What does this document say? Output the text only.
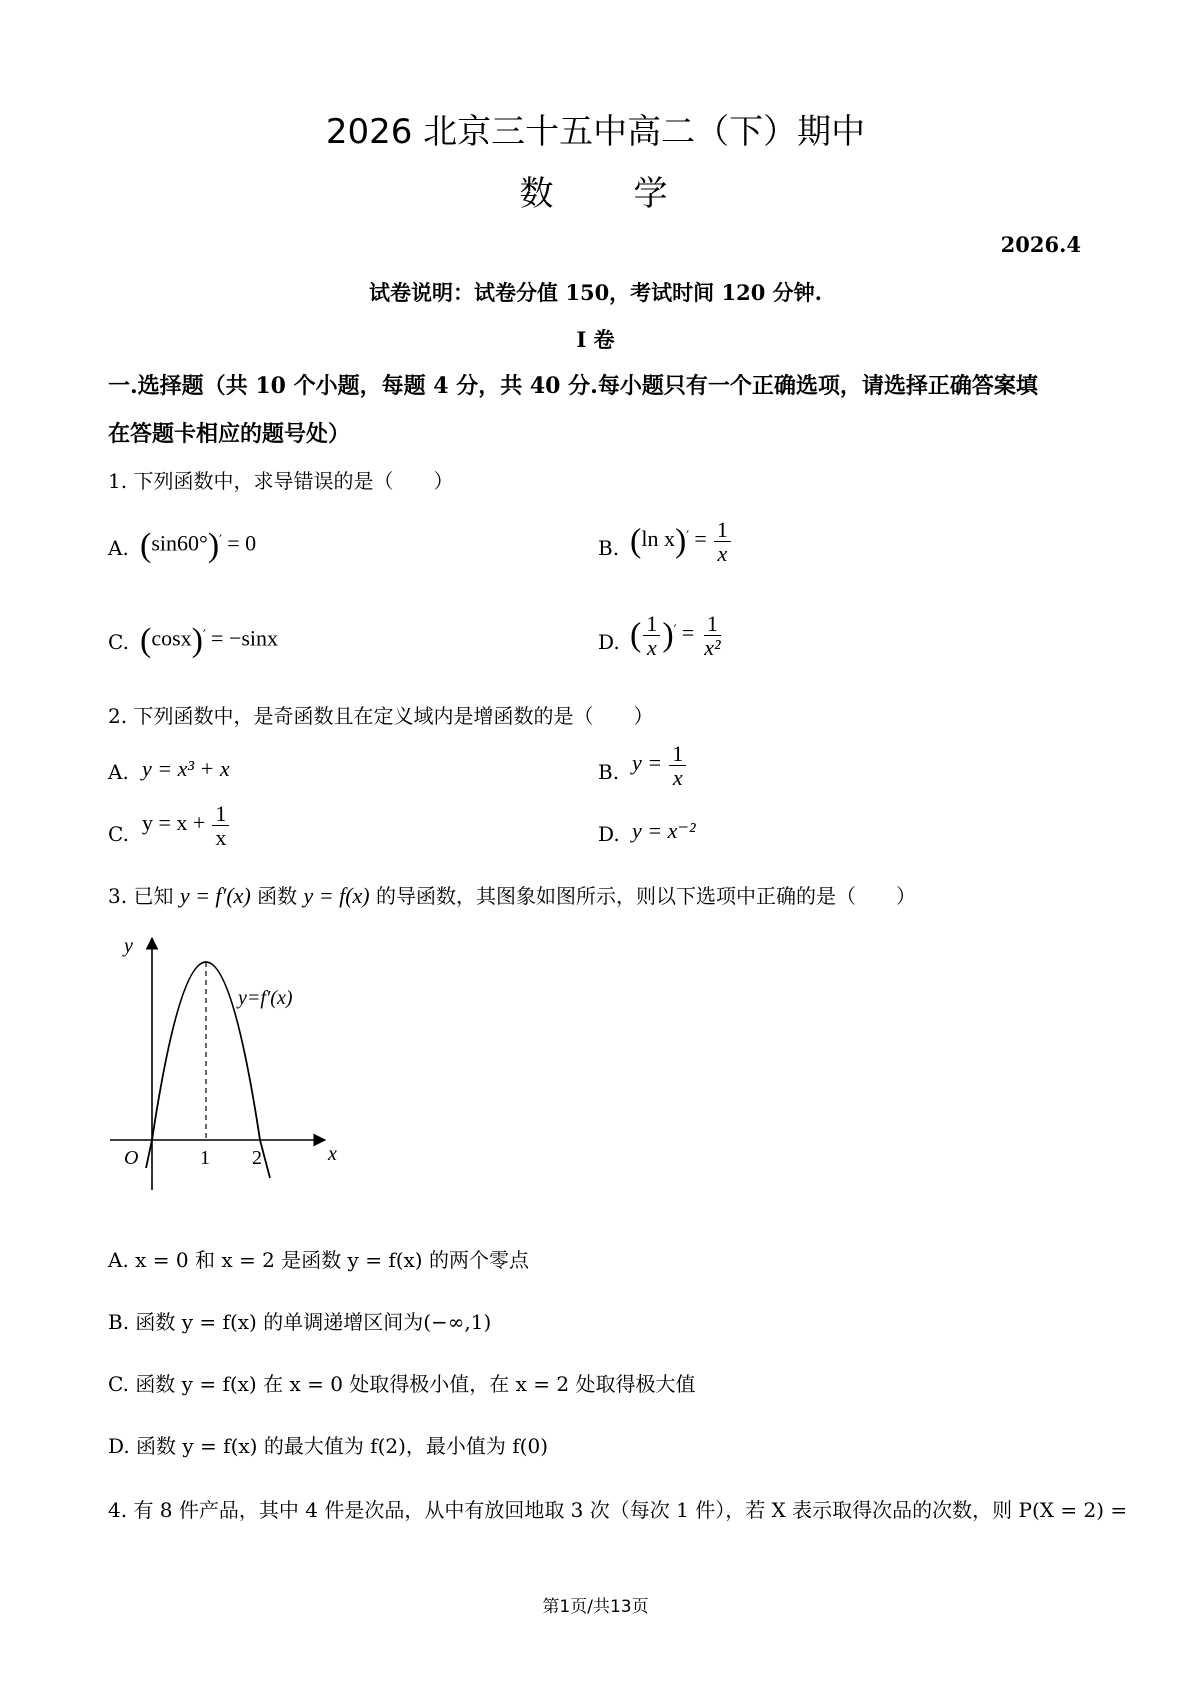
2026 北京三十五中高二（下）期中
数　　学
2026.4
试卷说明：试卷分值 150，考试时间 120 分钟.
I 卷
一.选择题（共 10 个小题，每题 4 分，共 40 分.每小题只有一个正确选项，请选择正确答案填
在答题卡相应的题号处）
1. 下列函数中，求导错误的是（　　）
A. (sin60°)′ = 0	B. (ln $x)' = \frac{1}{x}$
C. (cosx)′ = −sinx	D. ( $\frac{1}{x} )' = \frac{1}{\text{x²}}$
2. 下列函数中，是奇函数且在定义域内是增函数的是（　　）
A. y = x³ + x	B. $y = \frac{1}{x}$
C. $y = x + \frac{1}{x}$	D. y = x⁻²
3. 已知 y = f′(x) 函数 y = f(x) 的导函数，其图象如图所示，则以下选项中正确的是（　　）
y
x
O	1 2
y=f′(x)
A. x = 0 和 x = 2 是函数 y = f(x) 的两个零点
B. 函数 y = f(x) 的单调递增区间为(−∞,1)
C. 函数 y = f(x) 在 x = 0 处取得极小值，在 x = 2 处取得极大值
D. 函数 y = f(x) 的最大值为 f(2)，最小值为 f(0)
4. 有 8 件产品，其中 4 件是次品，从中有放回地取 3 次（每次 1 件），若 X 表示取得次品的次数，则 P(X = 2) =
第1页/共13页
